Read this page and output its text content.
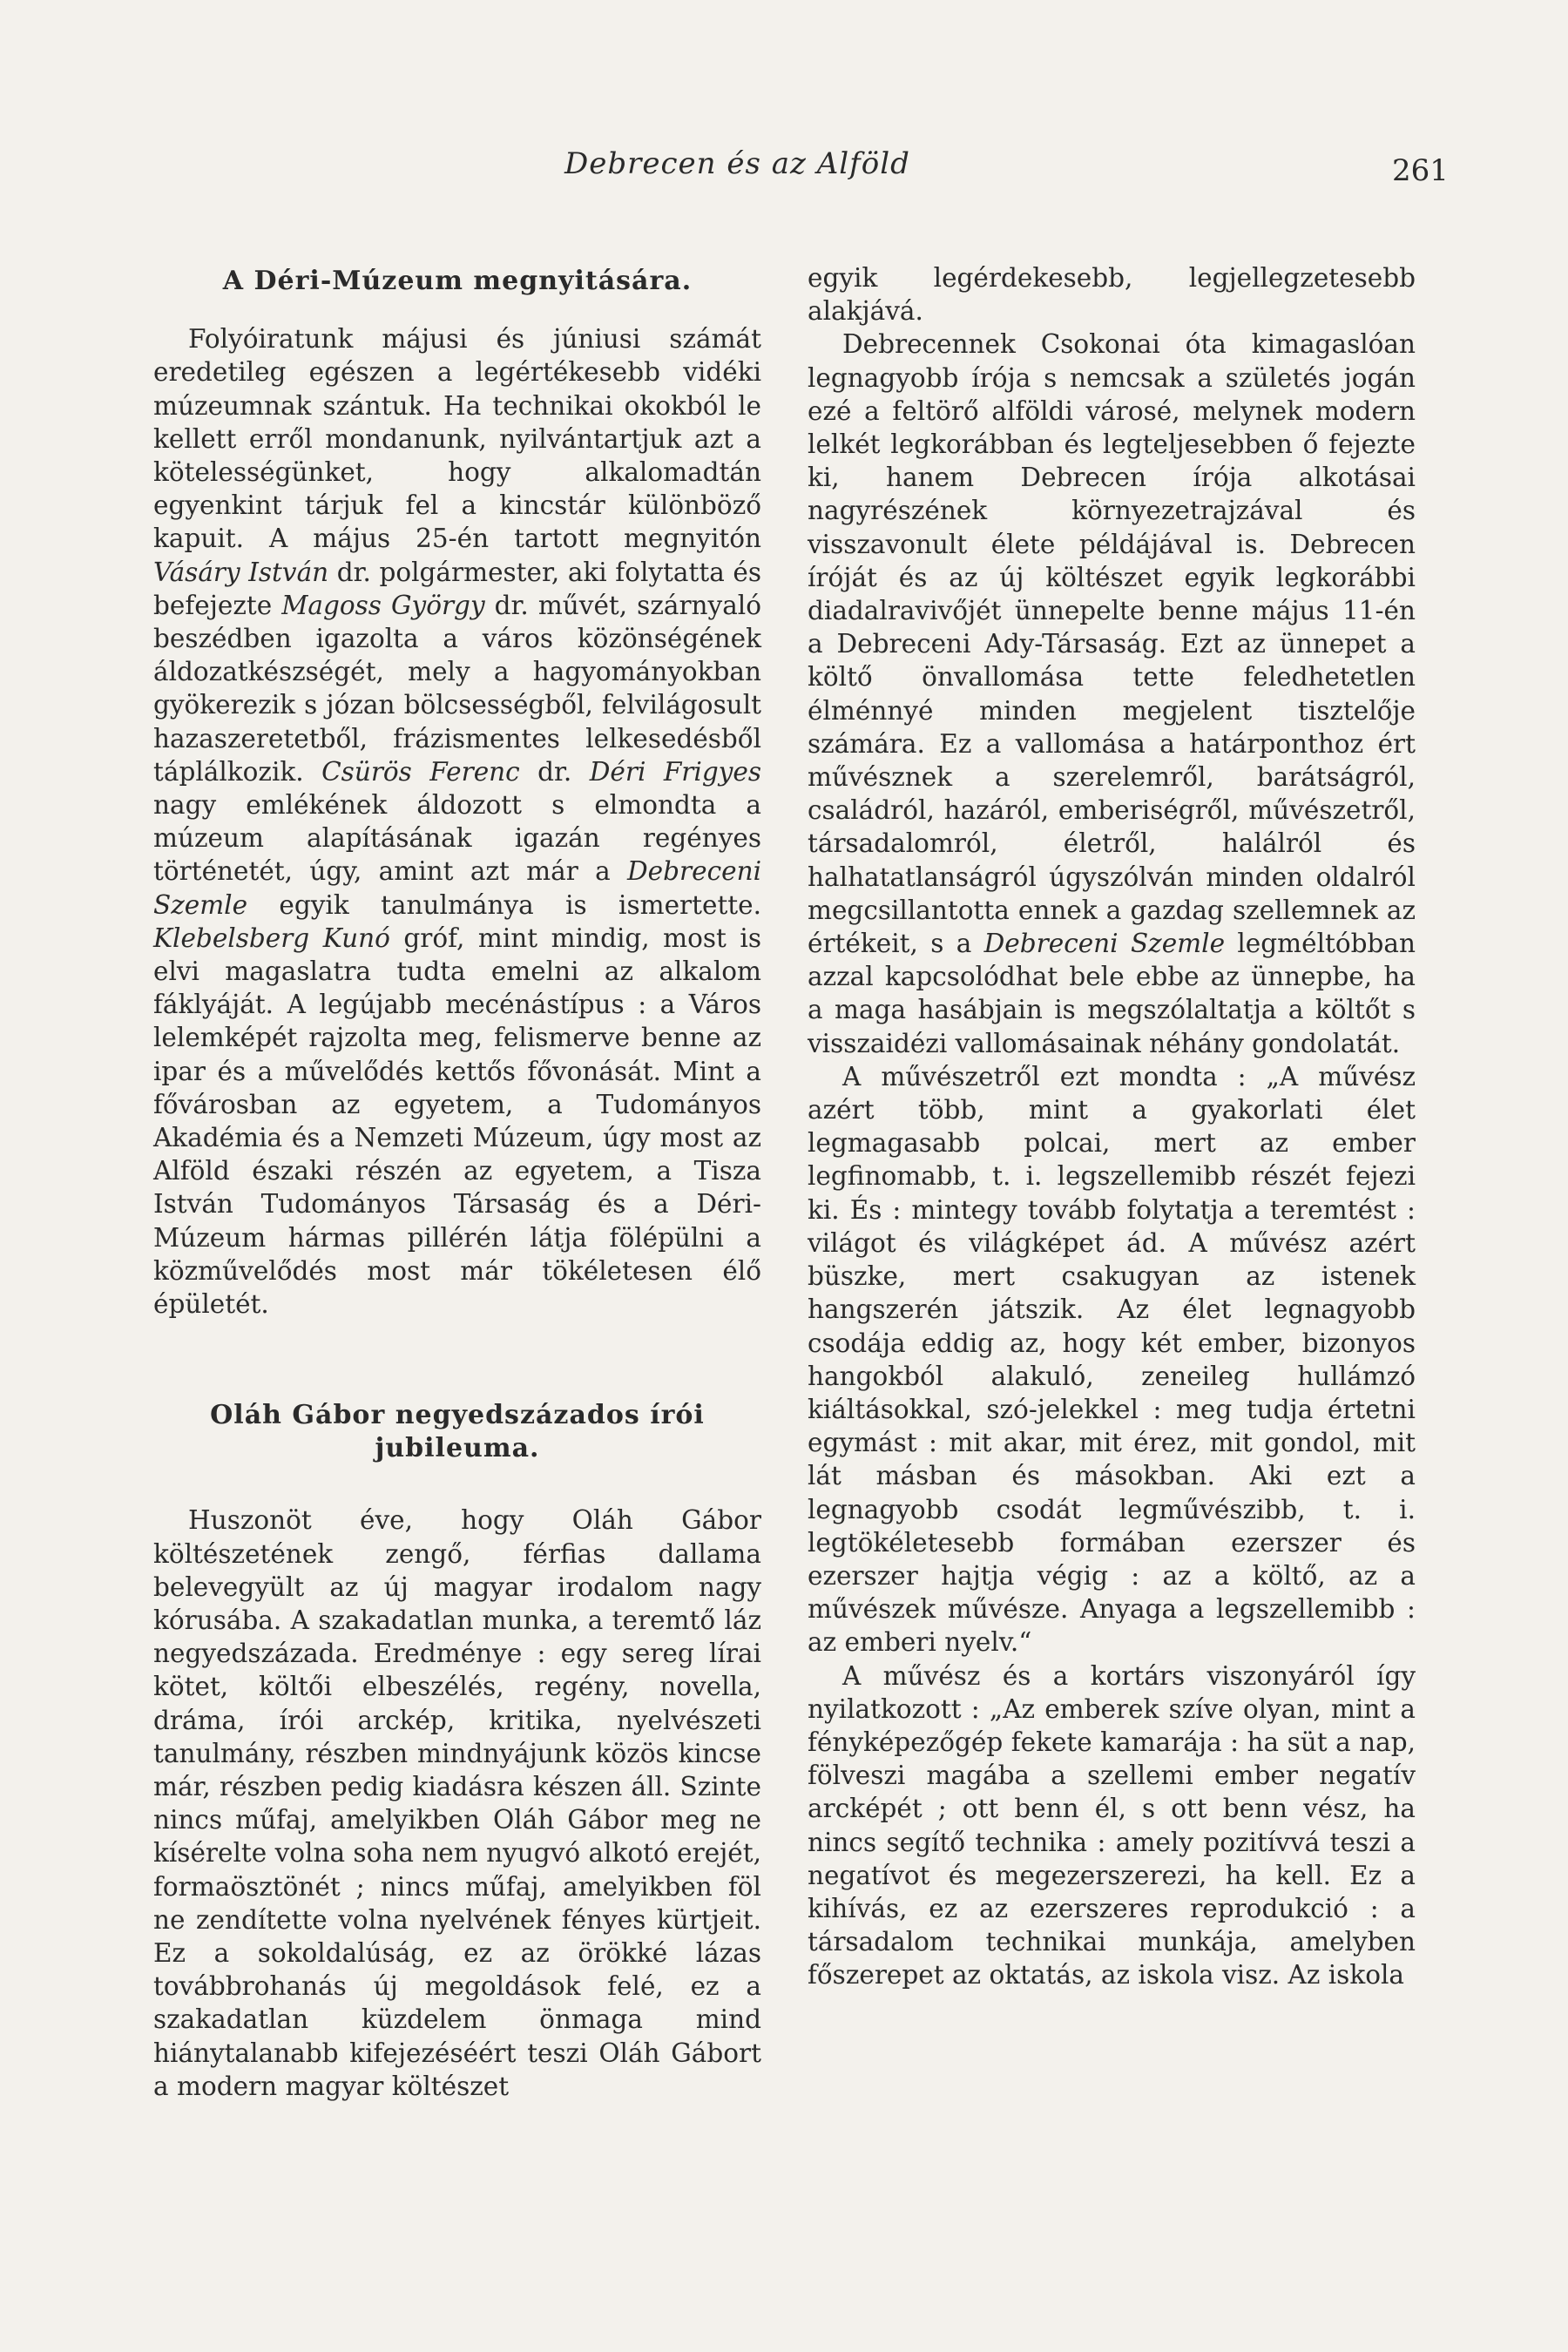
Debrecen és az Alföld	261
A Déri-Múzeum megnyitására.

Folyóiratunk májusi és júniusi számát eredetileg egészen a legértékesebb vidéki múzeumnak szántuk. Ha technikai okokból le kellett erről mondanunk, nyilvántartjuk azt a kötelességünket, hogy alkalomadtán egyenkint tárjuk fel a kincstár különböző kapuit. A május 25-én tartott megnyitón Vásáry István dr. polgármester, aki folytatta és befejezte Magoss György dr. művét, szárnyaló beszédben igazolta a város közönségének áldozatkészségét, mely a hagyományokban gyökerezik s józan bölcsességből, felvilágosult hazaszeretetből, frázismentes lelkesedésből táplálkozik. Csürös Ferenc dr. Déri Frigyes nagy emlékének áldozott s elmondta a múzeum alapításának igazán regényes történetét, úgy, amint azt már a Debreceni Szemle egyik tanulmánya is ismertette. Klebelsberg Kunó gróf, mint mindig, most is elvi magaslatra tudta emelni az alkalom fáklyáját. A legújabb mecénástípus : a Város lelemképét rajzolta meg, felismerve benne az ipar és a művelődés kettős fővonását. Mint a fővárosban az egyetem, a Tudományos Akadémia és a Nemzeti Múzeum, úgy most az Alföld északi részén az egyetem, a Tisza István Tudományos Társaság és a Déri-Múzeum hármas pillérén látja fölépülni a közművelődés most már tökéletesen élő épületét.

Oláh Gábor negyedszázados írói jubileuma.

Huszonöt éve, hogy Oláh Gábor költészetének zengő, férfias dallama belevegyült az új magyar irodalom nagy kórusába. A szakadatlan munka, a teremtő láz negyedszázada. Eredménye : egy sereg lírai kötet, költői elbeszélés, regény, novella, dráma, írói arckép, kritika, nyelvészeti tanulmány, részben mindnyájunk közös kincse már, részben pedig kiadásra készen áll. Szinte nincs műfaj, amelyikben Oláh Gábor meg ne kísérelte volna soha nem nyugvó alkotó erejét, formaösztönét ; nincs műfaj, amelyikben föl ne zendítette volna nyelvének fényes kürtjeit. Ez a sokoldalúság, ez az örökké lázas továbbrohanás új megoldások felé, ez a szakadatlan küzdelem önmaga mind hiánytalanabb kifejezéséért teszi Oláh Gábort a modern magyar költészet

egyik legérdekesebb, legjellegzetesebb alakjává.

Debrecennek Csokonai óta kimagaslóan legnagyobb írója s nemcsak a születés jogán ezé a feltörő alföldi városé, melynek modern lelkét legkorábban és legteljesebben ő fejezte ki, hanem Debrecen írója alkotásai nagyrészének környezetrajzával és visszavonult élete példájával is. Debrecen íróját és az új költészet egyik legkorábbi diadalravivőjét ünnepelte benne május 11-én a Debreceni Ady-Társaság. Ezt az ünnepet a költő önvallomása tette feledhetetlen élménnyé minden megjelent tisztelője számára. Ez a vallomása a határponthoz ért művésznek a szerelemről, barátságról, családról, hazáról, emberiségről, művészetről, társadalomról, életről, halálról és halhatatlanságról úgyszólván minden oldalról megcsillantotta ennek a gazdag szellemnek az értékeit, s a Debreceni Szemle legméltóbban azzal kapcsolódhat bele ebbe az ünnepbe, ha a maga hasábjain is megszólaltatja a költőt s visszaidézi vallomásainak néhány gondolatát.

A művészetről ezt mondta : „A művész azért több, mint a gyakorlati élet legmagasabb polcai, mert az ember legfinomabb, t. i. legszellemibb részét fejezi ki. És : mintegy tovább folytatja a teremtést : világot és világképet ád. A művész azért büszke, mert csakugyan az istenek hangszerén játszik. Az élet legnagyobb csodája eddig az, hogy két ember, bizonyos hangokból alakuló, zeneileg hullámzó kiáltásokkal, szó-jelekkel : meg tudja értetni egymást : mit akar, mit érez, mit gondol, mit lát másban és másokban. Aki ezt a legnagyobb csodát legművészibb, t. i. legtökéletesebb formában ezerszer és ezerszer hajtja végig : az a költő, az a művészek művésze. Anyaga a legszellemibb : az emberi nyelv.“

A művész és a kortárs viszonyáról így nyilatkozott : „Az emberek szíve olyan, mint a fényképezőgép fekete kamarája : ha süt a nap, fölveszi magába a szellemi ember negatív arcképét ; ott benn él, s ott benn vész, ha nincs segítő technika : amely pozitívvá teszi a negatívot és megezerszerezi, ha kell. Ez a kihívás, ez az ezerszeres reprodukció : a társadalom technikai munkája, amelyben főszerepet az oktatás, az iskola visz. Az iskola
